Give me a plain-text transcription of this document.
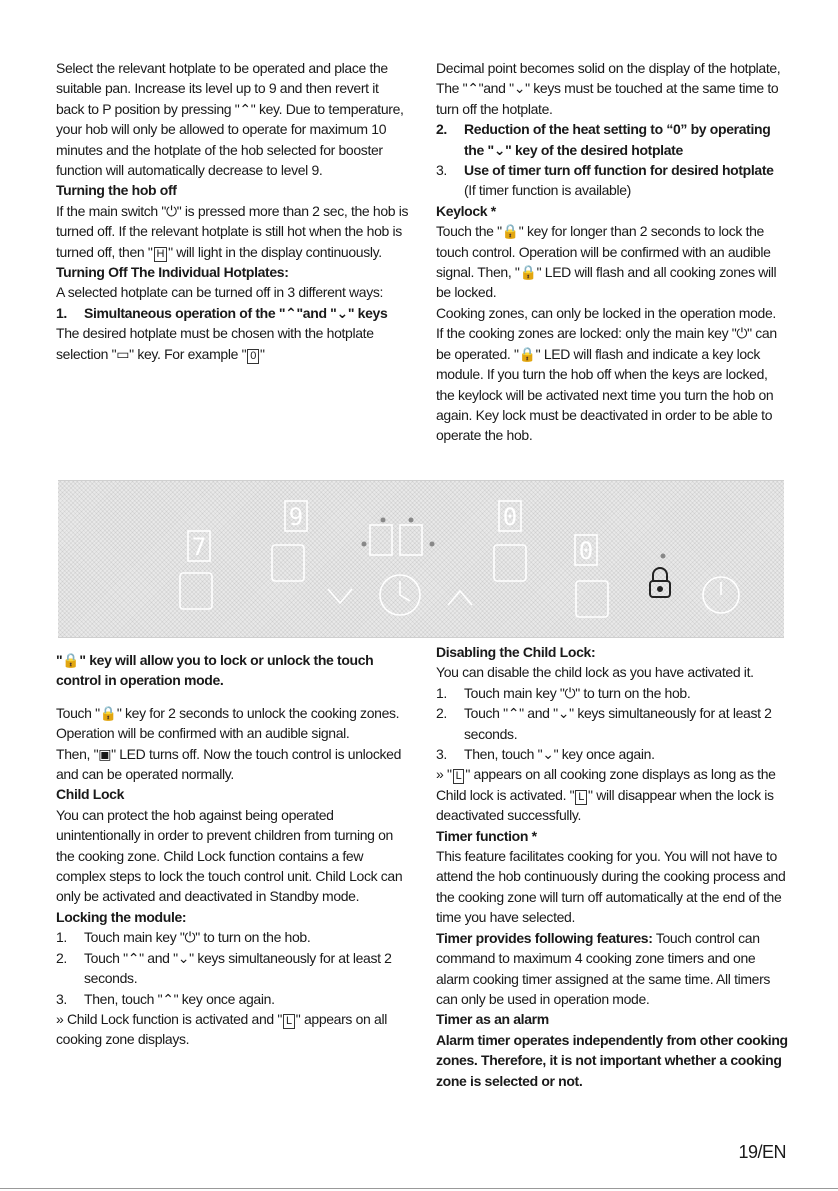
Select the relevant hotplate to be operated and place the suitable pan. Increase its level up to 9 and then revert it back to P position by pressing "⌃" key. Due to temperature, your hob will only be allowed to operate for maximum 10 minutes and the hotplate of the hob selected for booster function will automatically decrease to level 9.

Turning the hob off

If the main switch "⏻" is pressed more than 2 sec, the hob is turned off. If the relevant hotplate is still hot when the hob is turned off, then " H " will light in the display continuously.

Turning Off The Individual Hotplates:

A selected hotplate can be turned off in 3 different ways:

1.	Simultaneous operation of the "⌃"and "⌄" keys

The desired hotplate must be chosen with the hotplate selection "▭" key. For example " 0 "

Decimal point becomes solid on the display of the hotplate, The "⌃"and "⌄" keys must be touched at the same time to turn off the hotplate.

2.	Reduction of the heat setting to “0” by operating the "⌄" key of the desired hotplate
3.	Use of timer turn off function for desired hotplate (If timer function is available)

Keylock *

Touch the "🔒" key for longer than 2 seconds to lock the touch control. Operation will be confirmed with an audible signal. Then, "🔒" LED will flash and all cooking zones will be locked.

Cooking zones, can only be locked in the operation mode. If the cooking zones are locked: only the main key "⏻" can be operated. "🔒" LED will flash and indicate a key lock module. If you turn the hob off when the keys are locked, the keylock will be activated next time you turn the hob on again. Key lock must be deactivated in order to be able to operate the hob.

7
9	0
0

"🔒" key will allow you to lock or unlock the touch control in operation mode.

Touch "🔒" key for 2 seconds to unlock the cooking zones. Operation will be confirmed with an audible signal.

Then, "▣" LED turns off. Now the touch control is unlocked and can be operated normally.

Child Lock

You can protect the hob against being operated unintentionally in order to prevent children from turning on the cooking zone. Child Lock function contains a few complex steps to lock the touch control unit. Child Lock can only be activated and deactivated in Standby mode.

Locking the module:

1.	Touch main key "⏻" to turn on the hob.
2.	Touch "⌃" and "⌄" keys simultaneously for at least 2 seconds.
3.	Then, touch "⌃" key once again.

» Child Lock function is activated and " L " appears on all cooking zone displays.

Disabling the Child Lock:

You can disable the child lock as you have activated it.

1.	Touch main key "⏻" to turn on the hob.
2.	Touch "⌃" and "⌄" keys simultaneously for at least 2 seconds.
3.	Then, touch "⌄" key once again.

» " L " appears on all cooking zone displays as long as the Child lock is activated. " L " will disappear when the lock is deactivated successfully.

Timer function *

This feature facilitates cooking for you. You will not have to attend the hob continuously during the cooking process and the cooking zone will turn off automatically at the end of the time you have selected.

Timer provides following features: Touch control can command to maximum 4 cooking zone timers and one alarm cooking timer assigned at the same time. All timers can only be used in operation mode.

Timer as an alarm

Alarm timer operates independently from other cooking zones. Therefore, it is not important whether a cooking zone is selected or not.

19/EN
